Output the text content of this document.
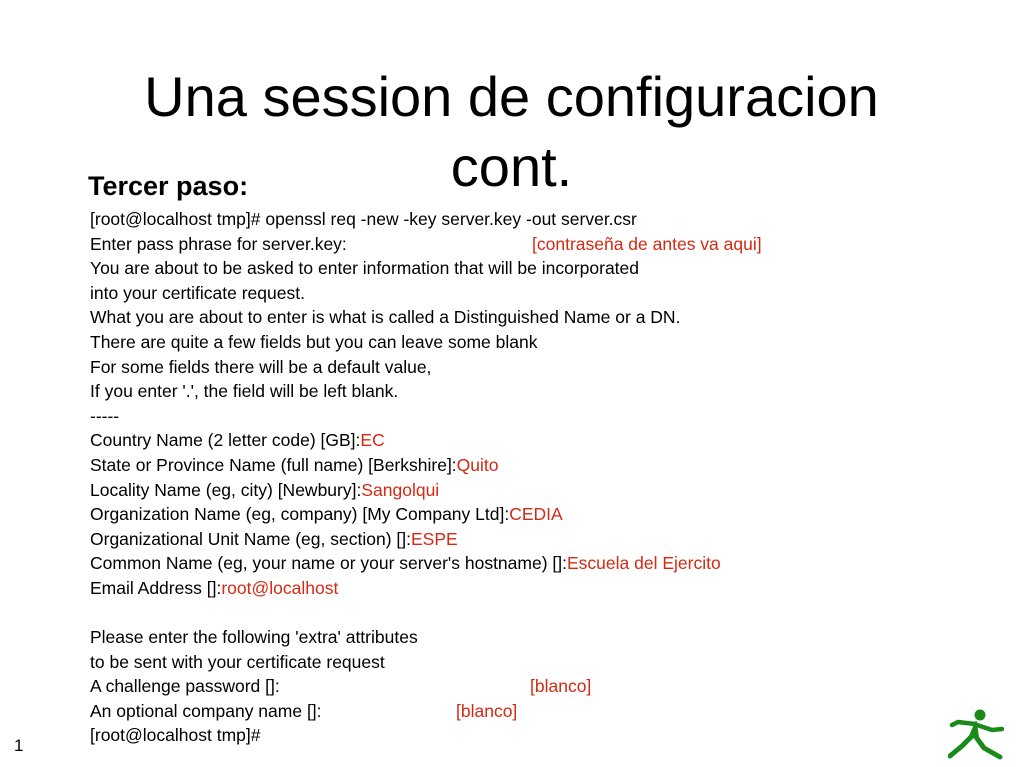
Una session de configuracion
cont.
Tercer paso:
[root@localhost tmp]# openssl req -new -key server.key -out server.csr
Enter pass phrase for server.key:	[contraseña de antes va aqui]
You are about to be asked to enter information that will be incorporated
into your certificate request.
What you are about to enter is what is called a Distinguished Name or a DN.
There are quite a few fields but you can leave some blank
For some fields there will be a default value,
If you enter '.', the field will be left blank.
-----
Country Name (2 letter code) [GB]:EC
State or Province Name (full name) [Berkshire]:Quito
Locality Name (eg, city) [Newbury]:Sangolqui
Organization Name (eg, company) [My Company Ltd]:CEDIA
Organizational Unit Name (eg, section) []:ESPE
Common Name (eg, your name or your server's hostname) []:Escuela del Ejercito
Email Address []:root@localhost
Please enter the following 'extra' attributes
to be sent with your certificate request
A challenge password []:	[blanco]
An optional company name []:	[blanco]
[root@localhost tmp]#
1
